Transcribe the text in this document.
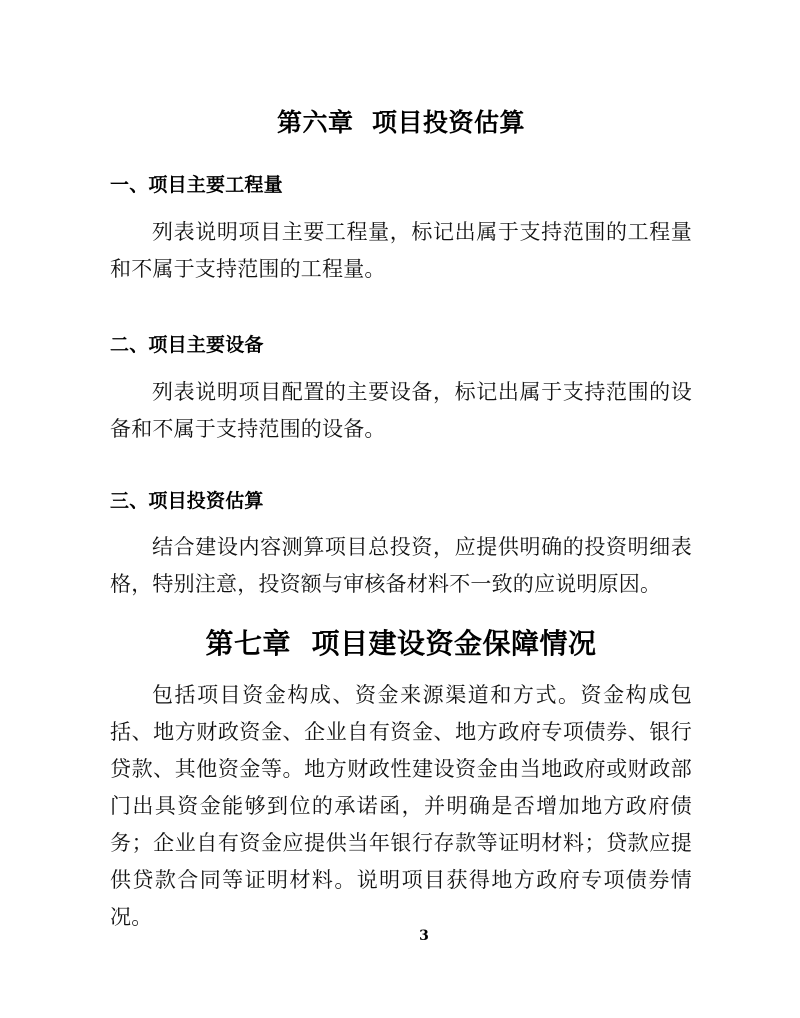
第六章  项目投资估算
一、项目主要工程量

列表说明项目主要工程量，标记出属于支持范围的工程量和不属于支持范围的工程量。

二、项目主要设备

列表说明项目配置的主要设备，标记出属于支持范围的设备和不属于支持范围的设备。

三、项目投资估算

结合建设内容测算项目总投资，应提供明确的投资明细表格，特别注意，投资额与审核备材料不一致的应说明原因。

第七章  项目建设资金保障情况

包括项目资金构成、资金来源渠道和方式。资金构成包括、地方财政资金、企业自有资金、地方政府专项债券、银行贷款、其他资金等。地方财政性建设资金由当地政府或财政部门出具资金能够到位的承诺函，并明确是否增加地方政府债务；企业自有资金应提供当年银行存款等证明材料；贷款应提供贷款合同等证明材料。说明项目获得地方政府专项债券情况。

3
